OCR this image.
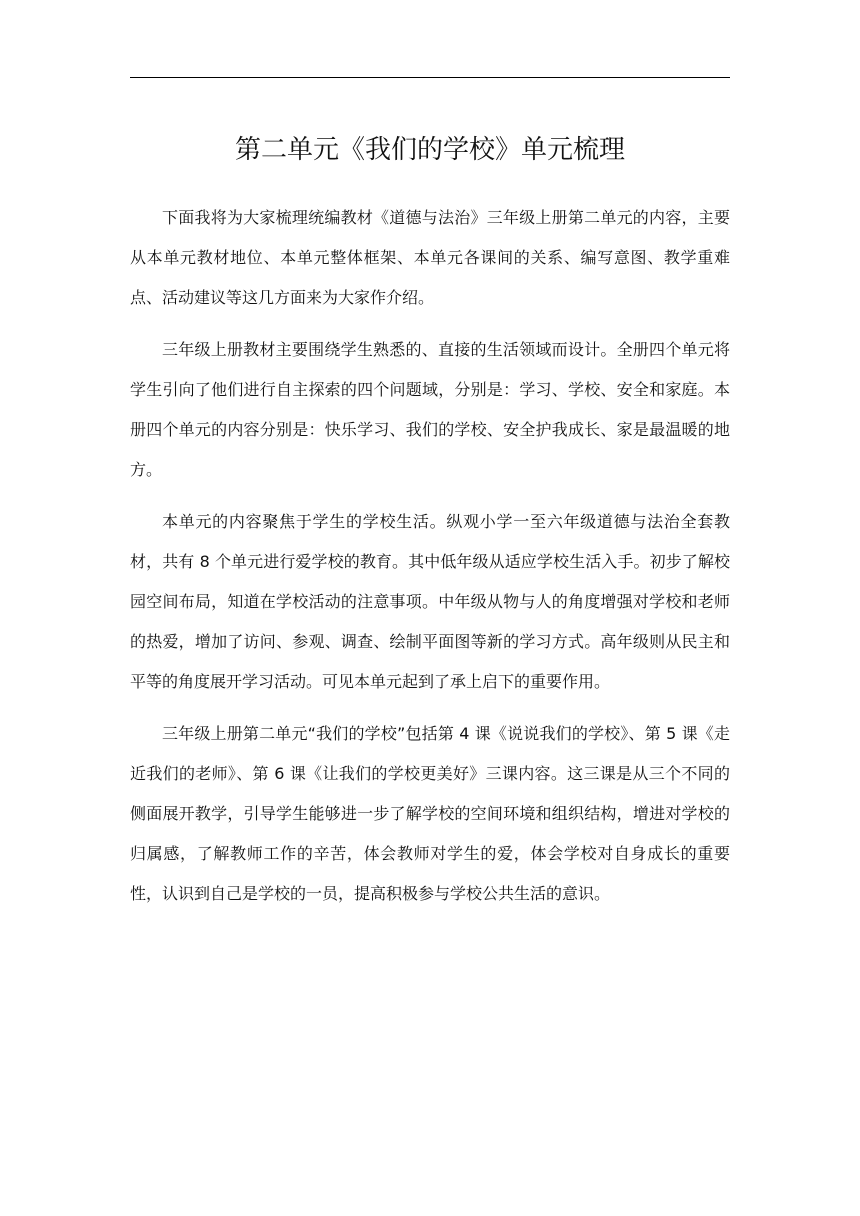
第二单元《我们的学校》单元梳理

下面我将为大家梳理统编教材《道德与法治》三年级上册第二单元的内容，主要从本单元教材地位、本单元整体框架、本单元各课间的关系、编写意图、教学重难点、活动建议等这几方面来为大家作介绍。

三年级上册教材主要围绕学生熟悉的、直接的生活领域而设计。全册四个单元将学生引向了他们进行自主探索的四个问题域，分别是：学习、学校、安全和家庭。本册四个单元的内容分别是：快乐学习、我们的学校、安全护我成长、家是最温暖的地方。

本单元的内容聚焦于学生的学校生活。纵观小学一至六年级道德与法治全套教材，共有 8 个单元进行爱学校的教育。其中低年级从适应学校生活入手。初步了解校园空间布局，知道在学校活动的注意事项。中年级从物与人的角度增强对学校和老师的热爱，增加了访问、参观、调查、绘制平面图等新的学习方式。高年级则从民主和平等的角度展开学习活动。可见本单元起到了承上启下的重要作用。

三年级上册第二单元“我们的学校”包括第 4 课《说说我们的学校》、第 5 课《走近我们的老师》、第 6 课《让我们的学校更美好》三课内容。这三课是从三个不同的侧面展开教学，引导学生能够进一步了解学校的空间环境和组织结构，增进对学校的归属感，了解教师工作的辛苦，体会教师对学生的爱，体会学校对自身成长的重要性，认识到自己是学校的一员，提高积极参与学校公共生活的意识。
